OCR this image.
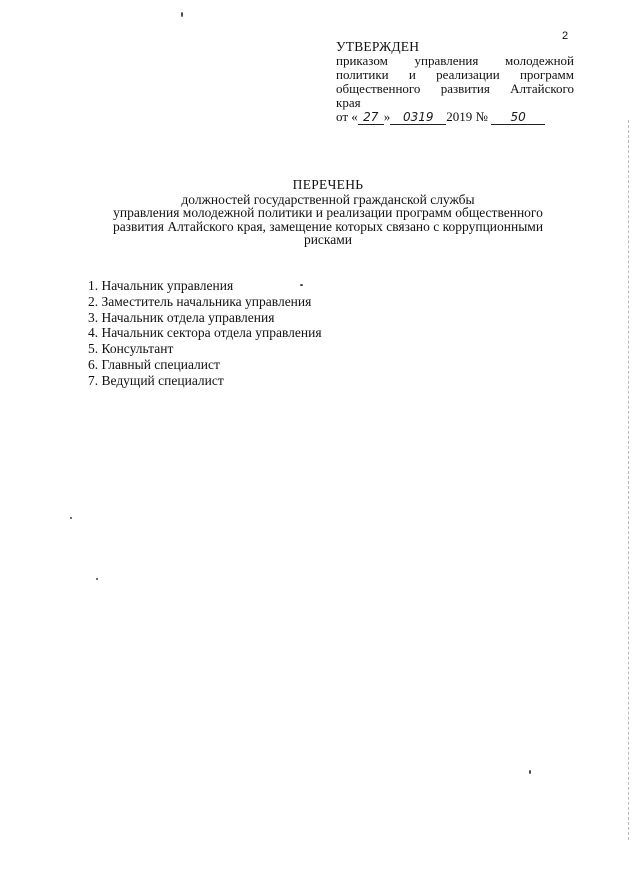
2
УТВЕРЖДЕН
приказом управления молодежной
политики и реализации программ
общественного развития Алтайского
края
от « 27 » 0319 2019 № 50
ПЕРЕЧЕНЬ
должностей государственной гражданской службы
управления молодежной политики и реализации программ общественного
развития Алтайского края, замещение которых связано с коррупционными
рисками
1. Начальник управления
2. Заместитель начальника управления
3. Начальник отдела управления
4. Начальник сектора отдела управления
5. Консультант
6. Главный специалист
7. Ведущий специалист
